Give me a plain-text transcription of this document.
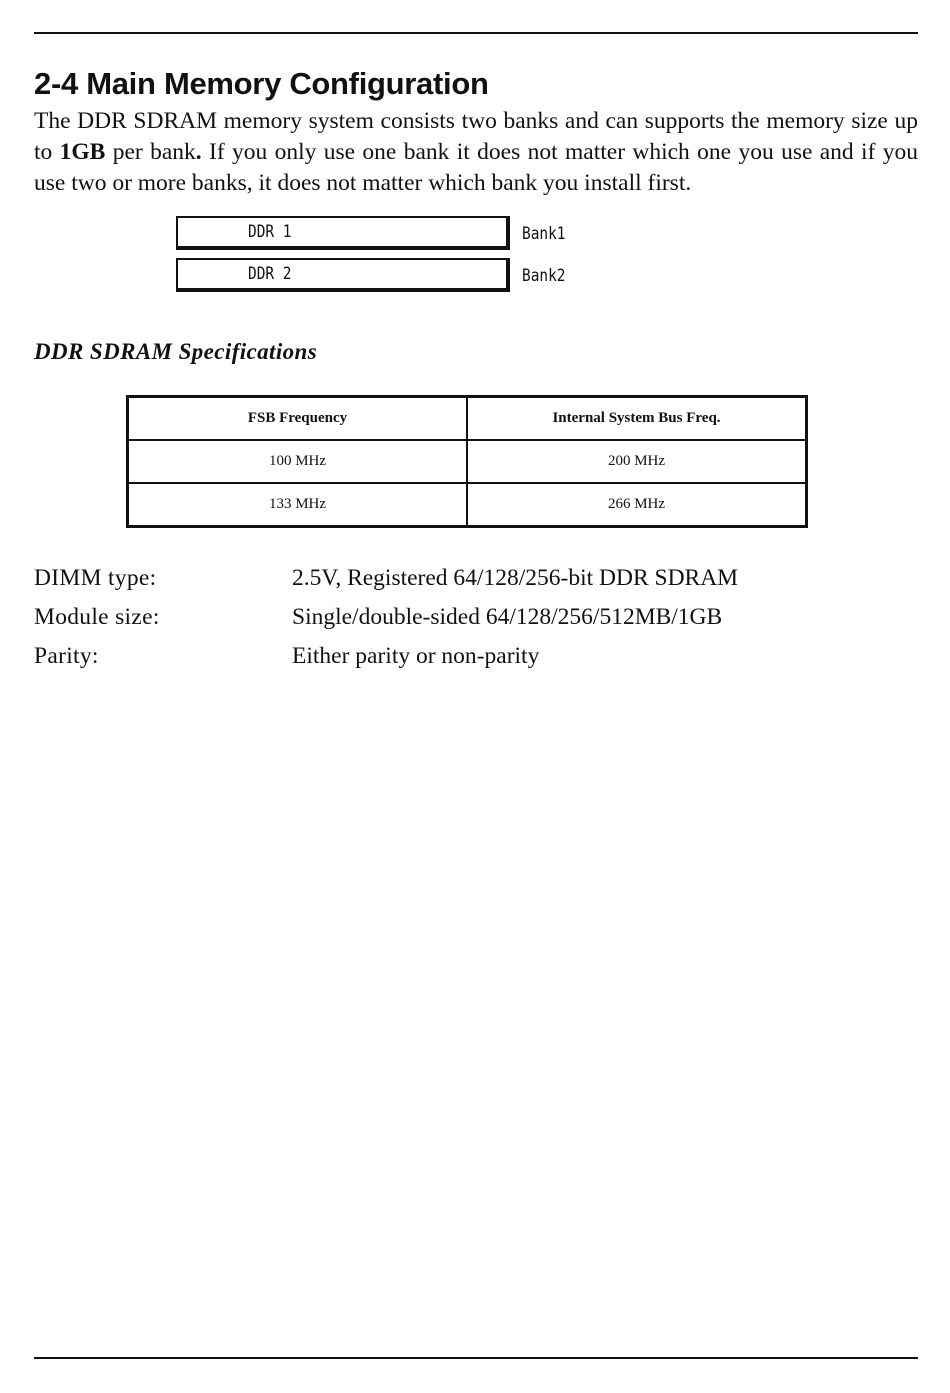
2-4 Main Memory Configuration

The DDR SDRAM memory system consists two banks and can supports the memory size up to 1GB per bank. If you only use one bank it does not matter which one you use and if you use two or more banks, it does not matter which bank you install first.

DDR 1	Bank1
DDR 2	Bank2
DDR SDRAM Specifications
FSB Frequency	Internal System Bus Freq.
100 MHz	200 MHz
133 MHz	266 MHz
DIMM type:	2.5V, Registered 64/128/256-bit DDR SDRAM
Module size:	Single/double-sided 64/128/256/512MB/1GB
Parity:	Either parity or non-parity
